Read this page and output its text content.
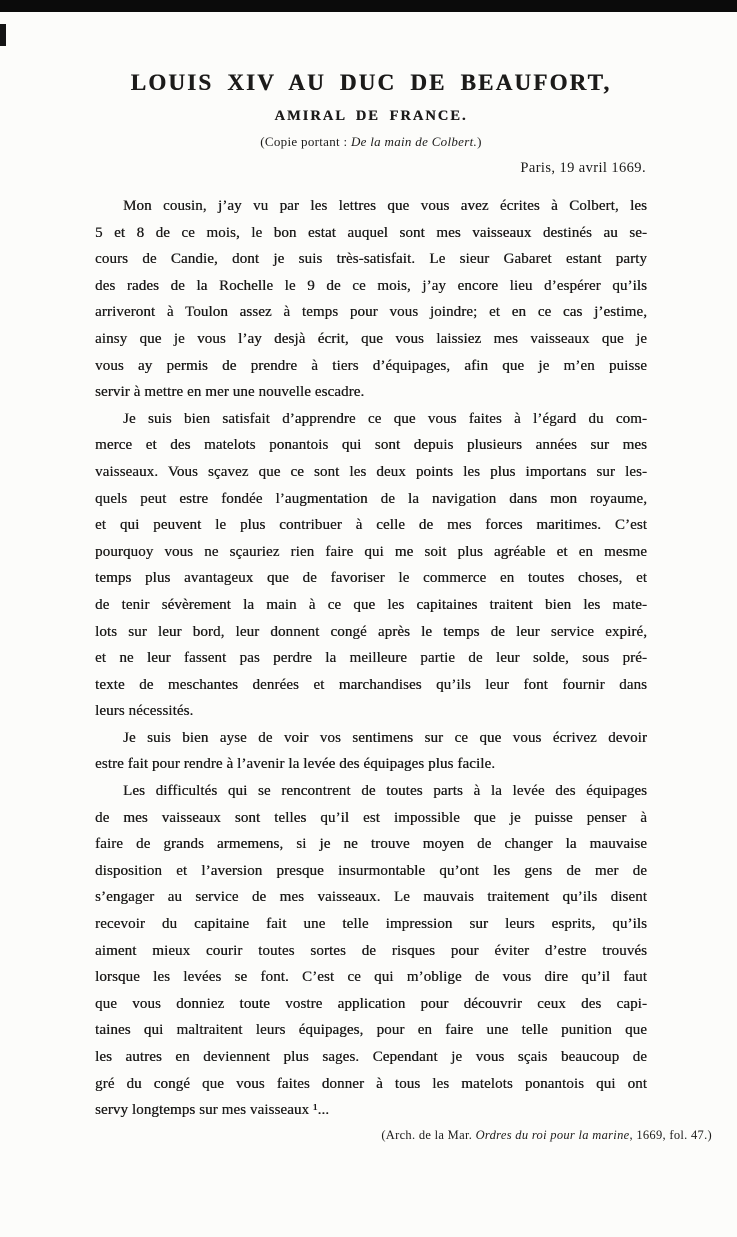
LOUIS XIV AU DUC DE BEAUFORT,
AMIRAL DE FRANCE.
(Copie portant : De la main de Colbert.)
Paris, 19 avril 1669.
Mon cousin, j’ay vu par les lettres que vous avez écrites à Colbert, les
5 et 8 de ce mois, le bon estat auquel sont mes vaisseaux destinés au se-
cours de Candie, dont je suis très-satisfait. Le sieur Gabaret estant party
des rades de la Rochelle le 9 de ce mois, j’ay encore lieu d’espérer qu’ils
arriveront à Toulon assez à temps pour vous joindre; et en ce cas j’estime,
ainsy que je vous l’ay desjà écrit, que vous laissiez mes vaisseaux que je
vous ay permis de prendre à tiers d’équipages, afin que je m’en puisse
servir à mettre en mer une nouvelle escadre.
Je suis bien satisfait d’apprendre ce que vous faites à l’égard du com-
merce et des matelots ponantois qui sont depuis plusieurs années sur mes
vaisseaux. Vous sçavez que ce sont les deux points les plus importans sur les-
quels peut estre fondée l’augmentation de la navigation dans mon royaume,
et qui peuvent le plus contribuer à celle de mes forces maritimes. C’est
pourquoy vous ne sçauriez rien faire qui me soit plus agréable et en mesme
temps plus avantageux que de favoriser le commerce en toutes choses, et
de tenir sévèrement la main à ce que les capitaines traitent bien les mate-
lots sur leur bord, leur donnent congé après le temps de leur service expiré,
et ne leur fassent pas perdre la meilleure partie de leur solde, sous pré-
texte de meschantes denrées et marchandises qu’ils leur font fournir dans
leurs nécessités.
Je suis bien ayse de voir vos sentimens sur ce que vous écrivez devoir
estre fait pour rendre à l’avenir la levée des équipages plus facile.
Les difficultés qui se rencontrent de toutes parts à la levée des équipages
de mes vaisseaux sont telles qu’il est impossible que je puisse penser à
faire de grands armemens, si je ne trouve moyen de changer la mauvaise
disposition et l’aversion presque insurmontable qu’ont les gens de mer de
s’engager au service de mes vaisseaux. Le mauvais traitement qu’ils disent
recevoir du capitaine fait une telle impression sur leurs esprits, qu’ils
aiment mieux courir toutes sortes de risques pour éviter d’estre trouvés
lorsque les levées se font. C’est ce qui m’oblige de vous dire qu’il faut
que vous donniez toute vostre application pour découvrir ceux des capi-
taines qui maltraitent leurs équipages, pour en faire une telle punition que
les autres en deviennent plus sages. Cependant je vous sçais beaucoup de
gré du congé que vous faites donner à tous les matelots ponantois qui ont
servy longtemps sur mes vaisseaux ¹...
(Arch. de la Mar. Ordres du roi pour la marine, 1669, fol. 47.)
